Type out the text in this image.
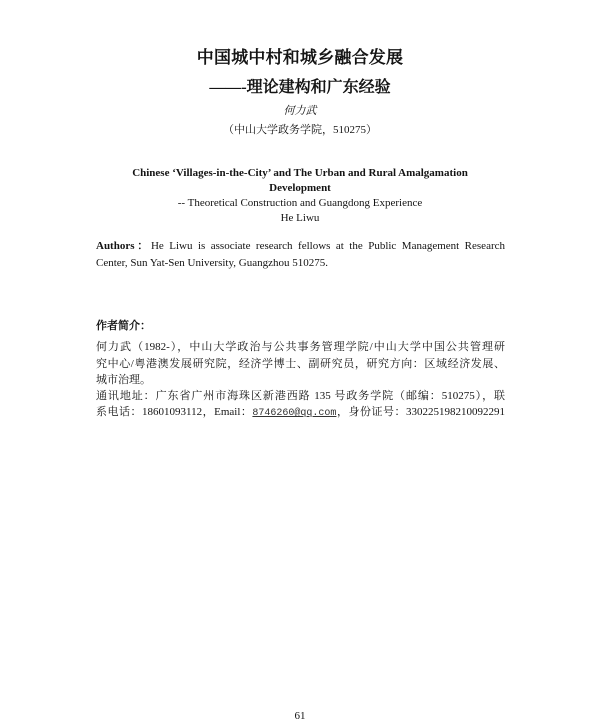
中国城中村和城乡融合发展
——-理论建构和广东经验
何力武
（中山大学政务学院，510275）
Chinese ‘Villages-in-the-City’ and The Urban and Rural Amalgamation
Development
-- Theoretical Construction and Guangdong Experience
He Liwu
Authors：He Liwu is associate research fellows at the Public Management Research
Center, Sun Yat-Sen University, Guangzhou 510275.
作者简介：
何力武（1982-），中山大学政治与公共事务管理学院/中山大学中国公共管理研
究中心/粤港澳发展研究院，经济学博士、副研究员，研究方向：区域经济发展、
城市治理。
通讯地址：广东省广州市海珠区新港西路 135 号政务学院（邮编：510275），联
系电话：18601093112，Email：8746260@qq.com，身份证号：330225198210092291
61
